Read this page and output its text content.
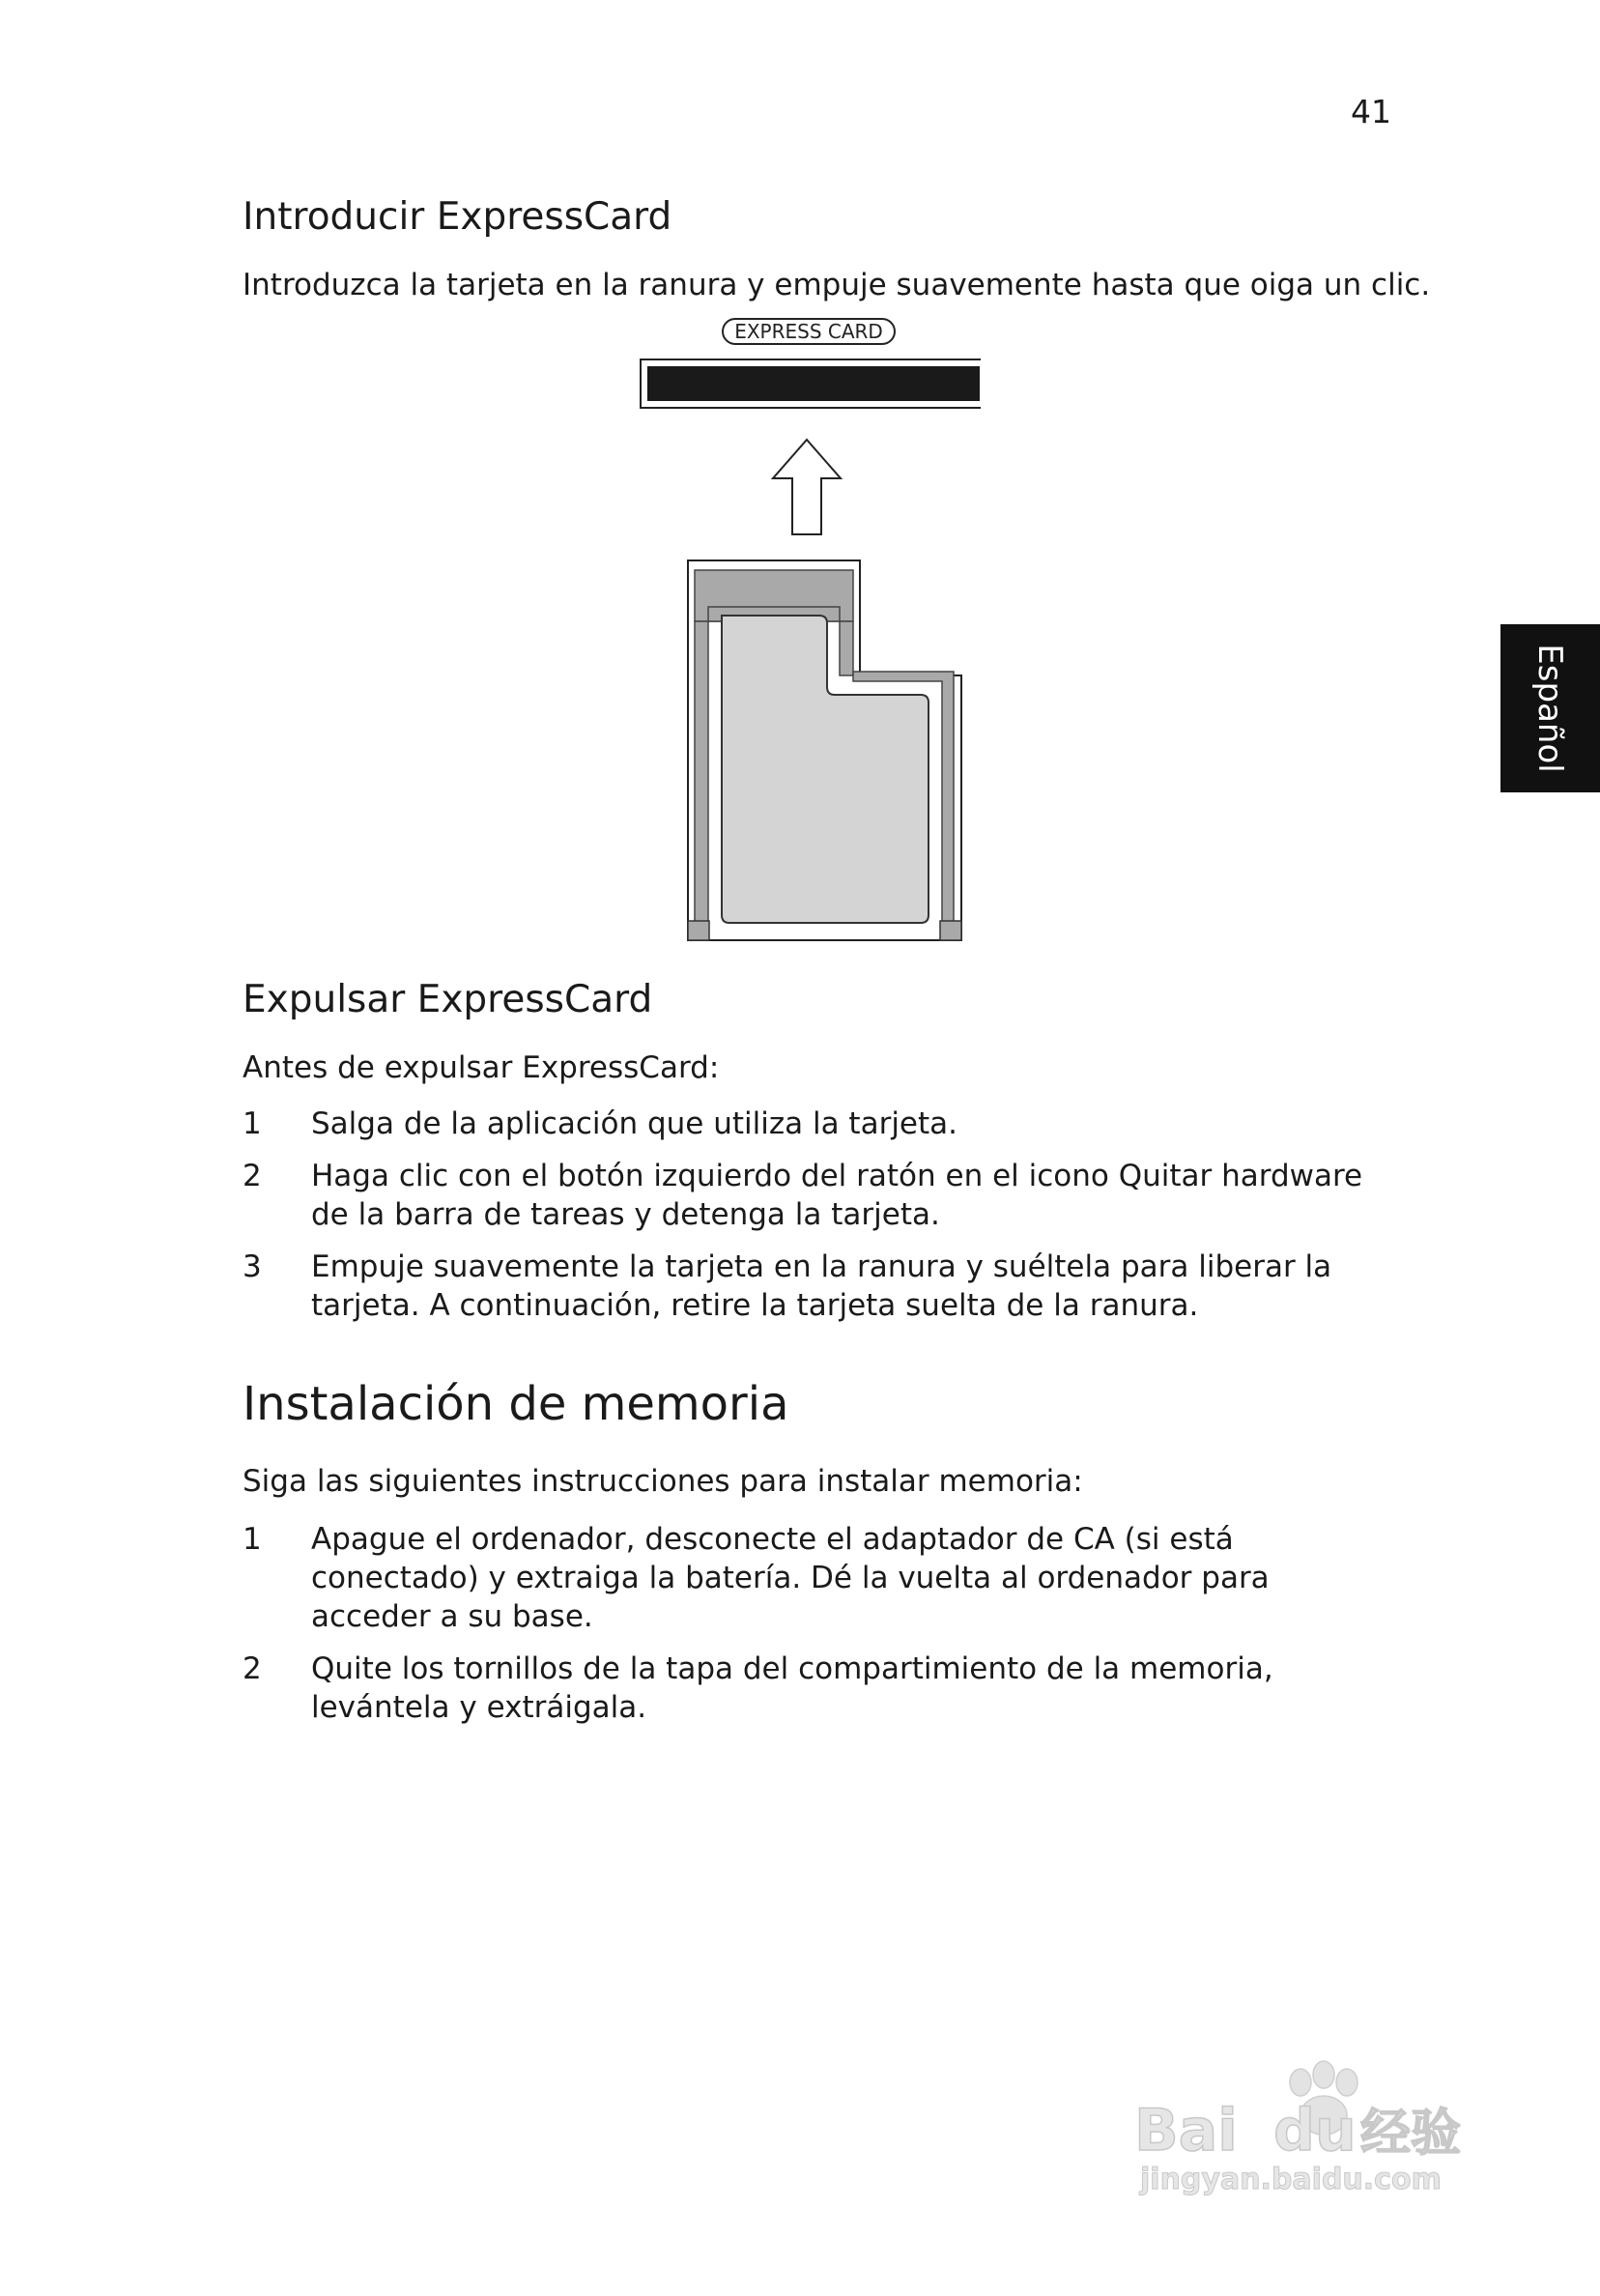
41
Español
Introducir ExpressCard

Introduzca la tarjeta en la ranura y empuje suavemente hasta que oiga un clic.

EXPRESS CARD
Expulsar ExpressCard

Antes de expulsar ExpressCard:

1	Salga de la aplicación que utiliza la tarjeta.
2	Haga clic con el botón izquierdo del ratón en el icono Quitar hardware de la barra de tareas y detenga la tarjeta.
3	Empuje suavemente la tarjeta en la ranura y suéltela para liberar la tarjeta. A continuación, retire la tarjeta suelta de la ranura.
Instalación de memoria

Siga las siguientes instrucciones para instalar memoria:

1	Apague el ordenador, desconecte el adaptador de CA (si está conectado) y extraiga la batería. Dé la vuelta al ordenador para acceder a su base.
2	Quite los tornillos de la tapa del compartimiento de la memoria, levántela y extráigala.
Bai du 经验
jingyan.baidu.com
